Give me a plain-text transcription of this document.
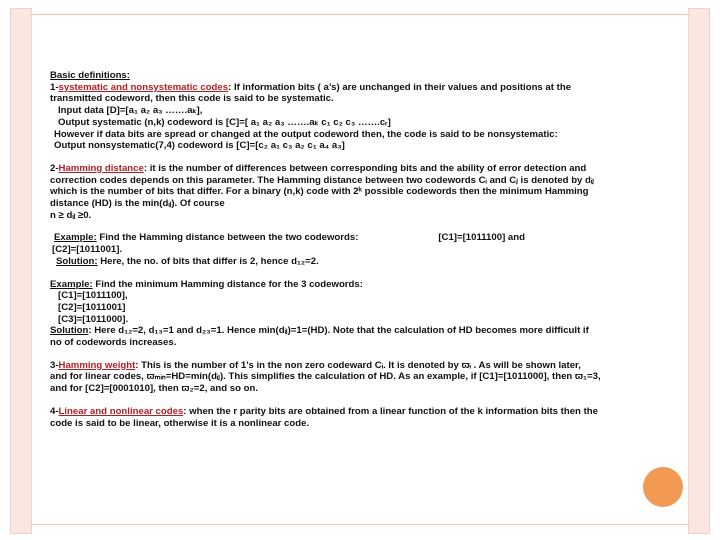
Basic definitions:
1-systematic and nonsystematic codes: If information bits ( a’s) are unchanged in their values and positions at the
transmitted codeword, then this code is said to be systematic.
Input data [D]=[a₁ a₂ a₃ …….aₖ],
Output systematic (n,k) codeword is [C]=[ a₁ a₂ a₃ …….aₖ c₁ c₂ c₃ …….cᵣ]
However if data bits are spread or changed at the output codeword then, the code is said to be nonsystematic:
Output nonsystematic(7,4) codeword is [C]=[c₂ a₁ c₃ a₂ c₁ a₄ a₃]
2-Hamming distance: it is the number of differences between corresponding bits and the ability of error detection and
correction codes depends on this parameter. The Hamming distance between two codewords Cᵢ and Cⱼ is denoted by dᵢⱼ
which is the number of bits that differ. For a binary (n,k) code with 2ᵏ possible codewords then the minimum Hamming
distance (HD) is the min(dᵢⱼ). Of course
n ≥ dᵢⱼ ≥0.
Example: Find the Hamming distance between the two codewords:	[C1]=[1011100] and
[C2]=[1011001].
Solution: Here, the no. of bits that differ is 2, hence d₁₂=2.
Example: Find the minimum Hamming distance for the 3 codewords:
[C1]=[1011100],
[C2]=[1011001]
[C3]=[1011000].
Solution: Here d₁₂=2, d₁₃=1 and d₂₃=1. Hence min(dᵢⱼ)=1=(HD). Note that the calculation of HD becomes more difficult if
no of codewords increases.
3-Hamming weight: This is the number of 1’s in the non zero codeward Cᵢ. It is denoted by ϖᵢ . As will be shown later,
and for linear codes, ϖₘᵢₙ=HD=min(dᵢⱼ). This simplifies the calculation of HD. As an example, if [C1]=[1011000], then ϖ₁=3,
and for [C2]=[0001010], then ϖ₂=2, and so on.
4-Linear and nonlinear codes: when the r parity bits are obtained from a linear function of the k information bits then the
code is said to be linear, otherwise it is a nonlinear code.
